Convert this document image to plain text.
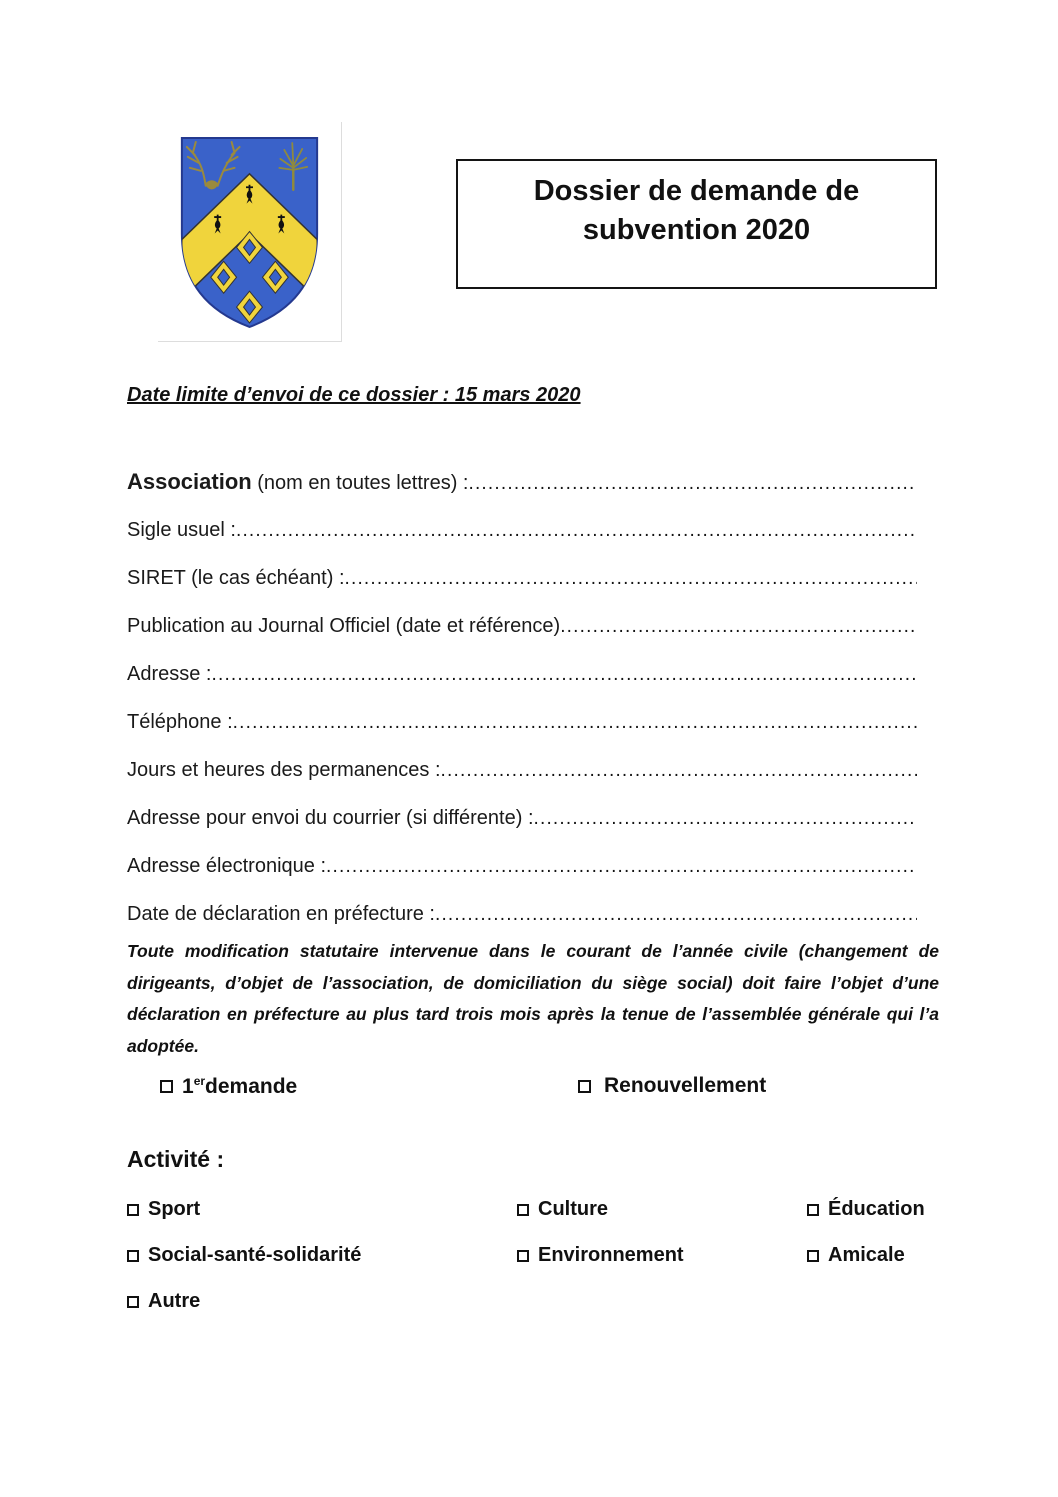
Dossier de demande de
subvention 2020
Date limite d’envoi de ce dossier : 15 mars 2020
Association (nom en toutes lettres) :
.....
Sigle usuel :
.....
SIRET (le cas échéant) :
.....
Publication au Journal Officiel (date et référence)
.....
Adresse :
.....
Téléphone :
.....
Jours et heures des permanences :
.....
Adresse pour envoi du courrier (si différente) :
.....
Adresse électronique :
.....
Date de déclaration en préfecture :
.....
Toute modification statutaire intervenue dans le courant de l’année civile (changement de dirigeants, d’objet de l’association, de domiciliation du siège social) doit faire l’objet d’une déclaration en préfecture au plus tard trois mois après la tenue de l’assemblée générale qui l’a adoptée.
1erdemande	Renouvellement
Activité :
Sport	Culture	Éducation
Social-santé-solidarité	Environnement	Amicale
Autre
